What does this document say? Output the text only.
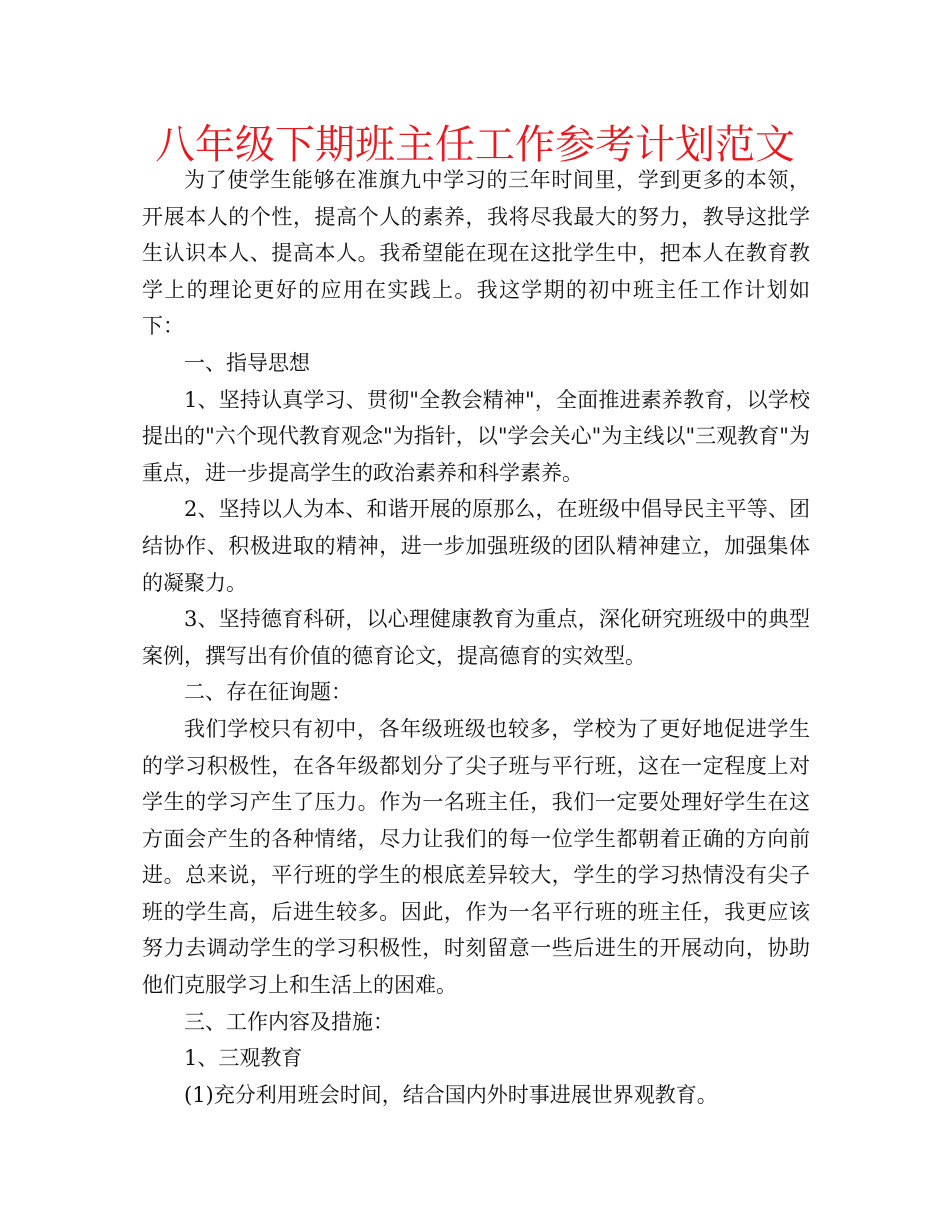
八年级下期班主任工作参考计划范文

为了使学生能够在准旗九中学习的三年时间里，学到更多的本领，开展本人的个性，提高个人的素养，我将尽我最大的努力，教导这批学生认识本人、提高本人。我希望能在现在这批学生中，把本人在教育教学上的理论更好的应用在实践上。我这学期的初中班主任工作计划如下：

一、指导思想

1、坚持认真学习、贯彻"全教会精神"，全面推进素养教育，以学校提出的"六个现代教育观念"为指针，以"学会关心"为主线以"三观教育"为重点，进一步提高学生的政治素养和科学素养。

2、坚持以人为本、和谐开展的原那么，在班级中倡导民主平等、团结协作、积极进取的精神，进一步加强班级的团队精神建立，加强集体的凝聚力。

3、坚持德育科研，以心理健康教育为重点，深化研究班级中的典型案例，撰写出有价值的德育论文，提高德育的实效型。

二、存在征询题：

我们学校只有初中，各年级班级也较多，学校为了更好地促进学生的学习积极性，在各年级都划分了尖子班与平行班，这在一定程度上对学生的学习产生了压力。作为一名班主任，我们一定要处理好学生在这方面会产生的各种情绪，尽力让我们的每一位学生都朝着正确的方向前进。总来说，平行班的学生的根底差异较大，学生的学习热情没有尖子班的学生高，后进生较多。因此，作为一名平行班的班主任，我更应该努力去调动学生的学习积极性，时刻留意一些后进生的开展动向，协助他们克服学习上和生活上的困难。

三、工作内容及措施：

1、三观教育

(1)充分利用班会时间，结合国内外时事进展世界观教育。
